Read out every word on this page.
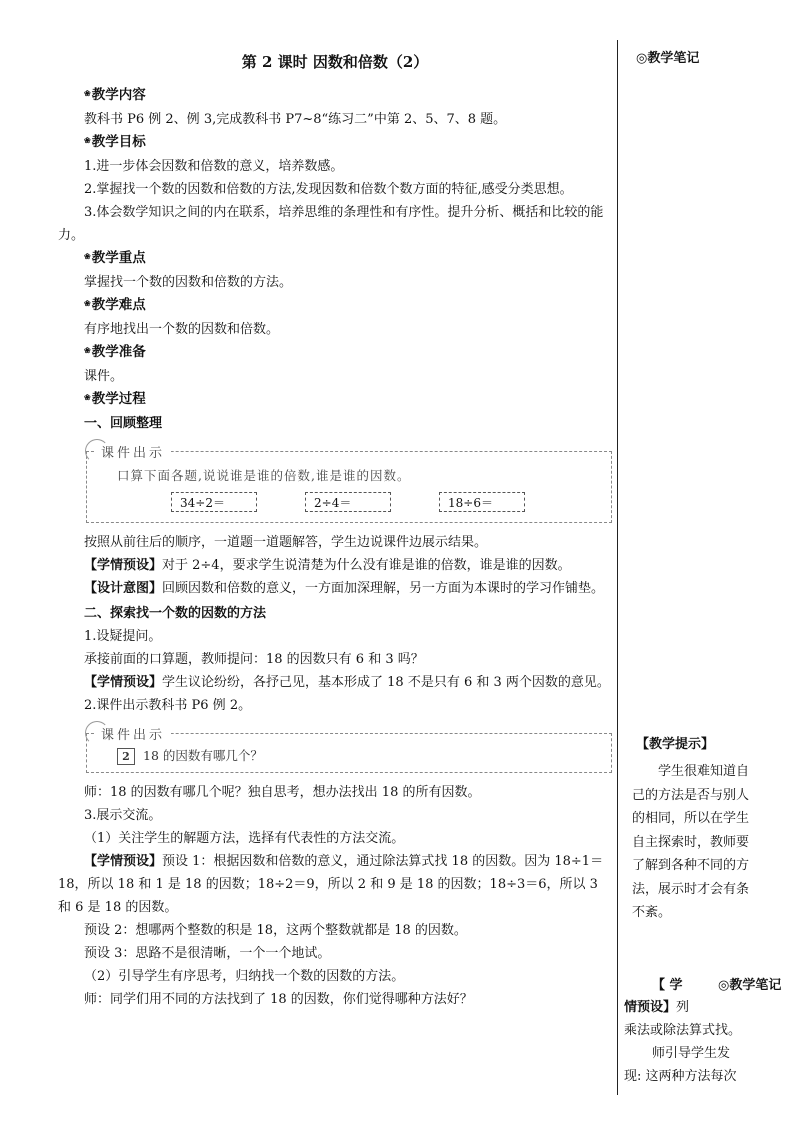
第 2 课时 因数和倍数（2）
❀ 教学内容
教科书 P6 例 2、例 3,完成教科书 P7~8“练习二”中第 2、5、7、8 题。
❀ 教学目标
1.进一步体会因数和倍数的意义，培养数感。
2.掌握找一个数的因数和倍数的方法,发现因数和倍数个数方面的特征,感受分类思想。
3.体会数学知识之间的内在联系，培养思维的条理性和有序性。提升分析、概括和比较的能力。
❀ 教学重点
掌握找一个数的因数和倍数的方法。
❀ 教学难点
有序地找出一个数的因数和倍数。
❀ 教学准备
课件。
❀ 教学过程
一、回顾整理
课件出示
口算下面各题,说说谁是谁的倍数,谁是谁的因数。
34÷2＝	2÷4＝	18÷6＝
按照从前往后的顺序，一道题一道题解答，学生边说课件边展示结果。
【学情预设】对于 2÷4，要求学生说清楚为什么没有谁是谁的倍数，谁是谁的因数。
【设计意图】回顾因数和倍数的意义，一方面加深理解，另一方面为本课时的学习作铺垫。
二、探索找一个数的因数的方法
1.设疑提问。
承接前面的口算题，教师提问：18 的因数只有 6 和 3 吗？
【学情预设】学生议论纷纷，各抒己见，基本形成了 18 不是只有 6 和 3 两个因数的意见。
2.课件出示教科书 P6 例 2。
课件出示
2 18 的因数有哪几个？
师：18 的因数有哪几个呢？独自思考，想办法找出 18 的所有因数。
3.展示交流。
（1）关注学生的解题方法，选择有代表性的方法交流。
【学情预设】预设 1：根据因数和倍数的意义，通过除法算式找 18 的因数。因为 18÷1＝18，所以 18 和 1 是 18 的因数；18÷2＝9，所以 2 和 9 是 18 的因数；18÷3＝6，所以 3 和 6 是 18 的因数。
预设 2：想哪两个整数的积是 18，这两个整数就都是 18 的因数。
预设 3：思路不是很清晰，一个一个地试。
（2）引导学生有序思考，归纳找一个数的因数的方法。
师：同学们用不同的方法找到了 18 的因数，你们觉得哪种方法好？
◎教学笔记
【教学提示】
学生很难知道自己的方法是否与别人的相同，所以在学生自主探索时，教师要了解到各种不同的方法，展示时才会有条不紊。
【 学	◎教学笔记
情预设】列
乘法或除法算式找。
师引导学生发
现: 这两种方法每次
